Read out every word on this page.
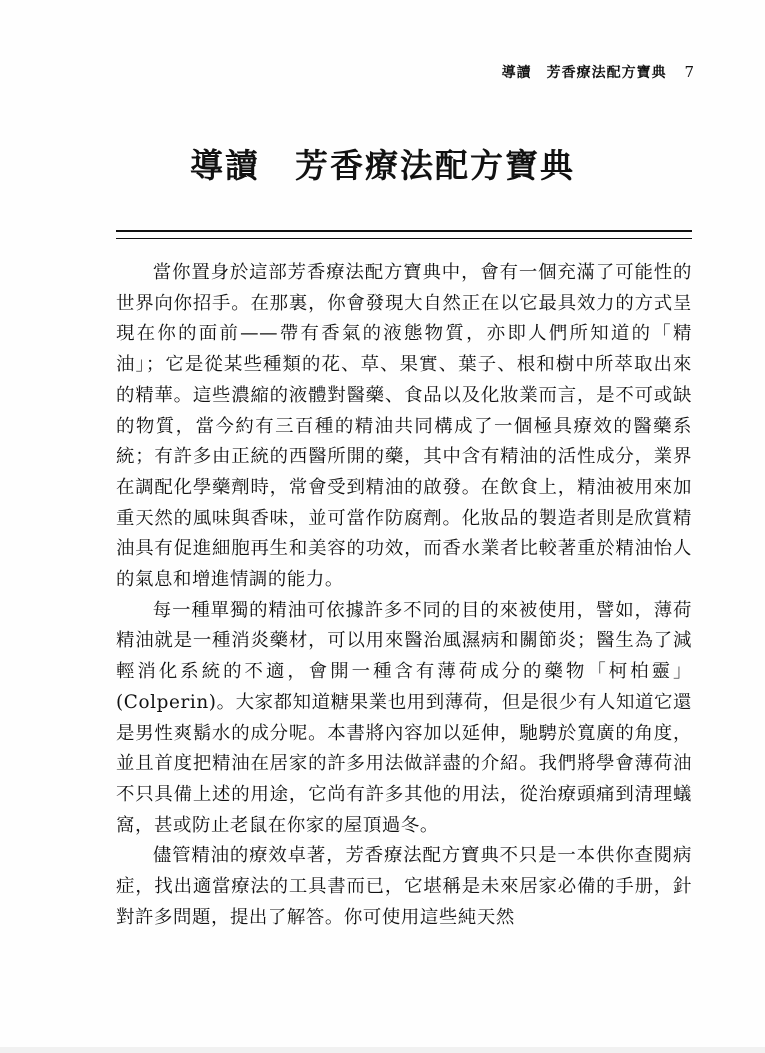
導讀　芳香療法配方寶典 7
導讀　芳香療法配方寶典

當你置身於這部芳香療法配方寶典中，會有一個充滿了可能性的世界向你招手。在那裏，你會發現大自然正在以它最具效力的方式呈現在你的面前——帶有香氣的液態物質，亦即人們所知道的「精油」；它是從某些種類的花、草、果實、葉子、根和樹中所萃取出來的精華。這些濃縮的液體對醫藥、食品以及化妝業而言，是不可或缺的物質，當今約有三百種的精油共同構成了一個極具療效的醫藥系統；有許多由正統的西醫所開的藥，其中含有精油的活性成分，業界在調配化學藥劑時，常會受到精油的啟發。在飲食上，精油被用來加重天然的風味與香味，並可當作防腐劑。化妝品的製造者則是欣賞精油具有促進細胞再生和美容的功效，而香水業者比較著重於精油怡人的氣息和增進情調的能力。

每一種單獨的精油可依據許多不同的目的來被使用，譬如，薄荷精油就是一種消炎藥材，可以用來醫治風濕病和關節炎；醫生為了減輕消化系統的不適，會開一種含有薄荷成分的藥物「柯柏靈」(Colperin)。大家都知道糖果業也用到薄荷，但是很少有人知道它還是男性爽鬍水的成分呢。本書將內容加以延伸，馳騁於寬廣的角度，並且首度把精油在居家的許多用法做詳盡的介紹。我們將學會薄荷油不只具備上述的用途，它尚有許多其他的用法，從治療頭痛到清理蟻窩，甚或防止老鼠在你家的屋頂過冬。

儘管精油的療效卓著，芳香療法配方寶典不只是一本供你查閱病症，找出適當療法的工具書而已，它堪稱是未來居家必備的手册，針對許多問題，提出了解答。你可使用這些純天然
